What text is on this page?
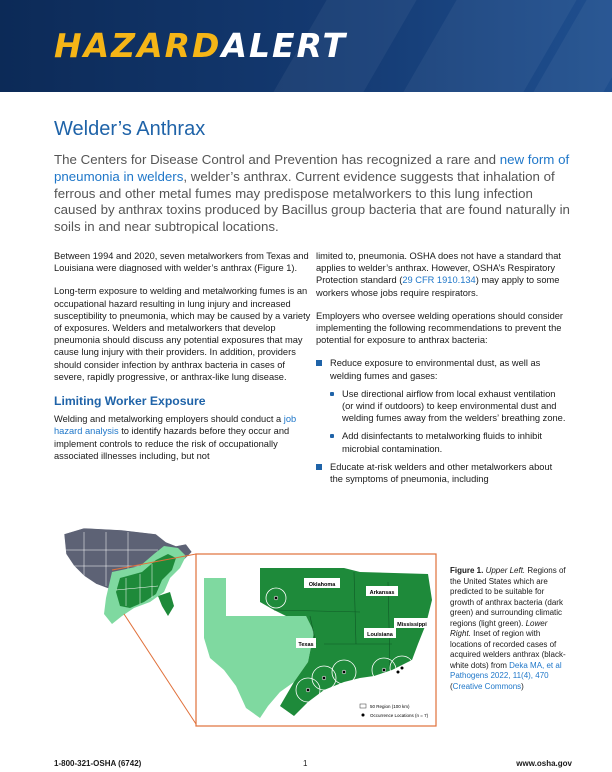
HAZARDALERT
Welder’s Anthrax

The Centers for Disease Control and Prevention has recognized a rare and new form of pneumonia in welders, welder’s anthrax. Current evidence suggests that inhalation of ferrous and other metal fumes may predispose metalworkers to this lung infection caused by anthrax toxins produced by Bacillus group bacteria that are found naturally in soils in and near subtropical locations.

Between 1994 and 2020, seven metalworkers from Texas and Louisiana were diagnosed with welder’s anthrax (Figure 1).

Long-term exposure to welding and metalworking fumes is an occupational hazard resulting in lung injury and increased susceptibility to pneumonia, which may be caused by a variety of exposures. Welders and metalworkers that develop pneumonia should discuss any potential exposures that may cause lung injury with their providers. In addition, providers should consider infection by anthrax bacteria in cases of severe, rapidly progressive, or anthrax-like lung disease.

Limiting Worker Exposure

Welding and metalworking employers should conduct a job hazard analysis to identify hazards before they occur and implement controls to reduce the risk of occupationally associated illnesses including, but not

limited to, pneumonia. OSHA does not have a standard that applies to welder’s anthrax. However, OSHA’s Respiratory Protection standard (29 CFR 1910.134) may apply to some workers whose jobs require respirators.

Employers who oversee welding operations should consider implementing the following recommendations to prevent the potential for exposure to anthrax bacteria:

Reduce exposure to environmental dust, as well as welding fumes and gases:
Use directional airflow from local exhaust ventilation (or wind if outdoors) to keep environmental dust and welding fumes away from the welders’ breathing zone.
Add disinfectants to metalworking fluids to inhibit microbial contamination.
Educate at-risk welders and other metalworkers about the symptoms of pneumonia, including
Oklahoma
Arkansas
Mississippi
Louisiana
Texas
50 Region (100 km)
Occurrence Locations (n = 7)
Figure 1. Upper Left. Regions of the United States which are predicted to be suitable for growth of anthrax bacteria (dark green) and surrounding climatic regions (light green). Lower Right. Inset of region with locations of recorded cases of acquired welders anthrax (black-white dots) from Deka MA, et al Pathogens 2022, 11(4), 470 (Creative Commons)
1-800-321-OSHA (6742)	1	www.osha.gov
